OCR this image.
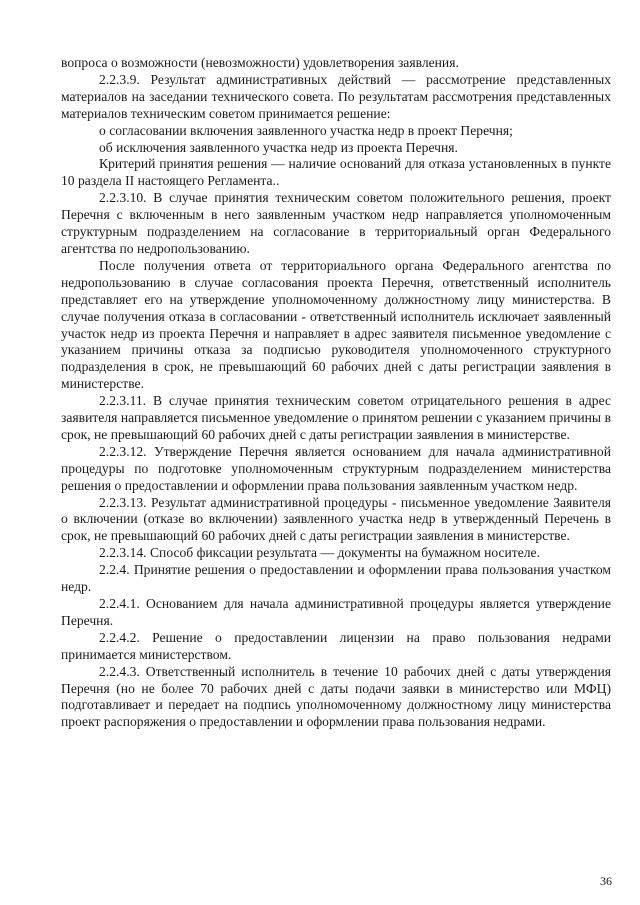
вопроса о возможности (невозможности) удовлетворения заявления.

2.2.3.9. Результат административных действий — рассмотрение представленных материалов на заседании технического совета. По результатам рассмотрения представленных материалов техническим советом принимается решение:

о согласовании включения заявленного участка недр в проект Перечня;

об исключения заявленного участка недр из проекта Перечня.

Критерий принятия решения — наличие оснований для отказа установленных в пункте 10 раздела II настоящего Регламента..

2.2.3.10. В случае принятия техническим советом положительного решения, проект Перечня с включенным в него заявленным участком недр направляется уполномоченным структурным подразделением на согласование в территориальный орган Федерального агентства по недропользованию.

После получения ответа от территориального органа Федерального агентства по недропользованию в случае согласования проекта Перечня, ответственный исполнитель представляет его на утверждение уполномоченному должностному лицу министерства. В случае получения отказа в согласовании - ответственный исполнитель исключает заявленный участок недр из проекта Перечня и направляет в адрес заявителя письменное уведомление с указанием причины отказа за подписью руководителя уполномоченного структурного подразделения в срок, не превышающий 60 рабочих дней с даты регистрации заявления в министерстве.

2.2.3.11. В случае принятия техническим советом отрицательного решения в адрес заявителя направляется письменное уведомление о принятом решении с указанием причины в срок, не превышающий 60 рабочих дней с даты регистрации заявления в министерстве.

2.2.3.12. Утверждение Перечня является основанием для начала административной процедуры по подготовке уполномоченным структурным подразделением министерства решения о предоставлении и оформлении права пользования заявленным участком недр.

2.2.3.13. Результат административной процедуры - письменное уведомление Заявителя о включении (отказе во включении) заявленного участка недр в утвержденный Перечень в срок, не превышающий 60 рабочих дней с даты регистрации заявления в министерстве.

2.2.3.14. Способ фиксации результата — документы на бумажном носителе.

2.2.4. Принятие решения о предоставлении и оформлении права пользования участком недр.

2.2.4.1. Основанием для начала административной процедуры является утверждение Перечня.

2.2.4.2. Решение о предоставлении лицензии на право пользования недрами принимается министерством.

2.2.4.3. Ответственный исполнитель в течение 10 рабочих дней с даты утверждения Перечня (но не более 70 рабочих дней с даты подачи заявки в министерство или МФЦ) подготавливает и передает на подпись уполномоченному должностному лицу министерства проект распоряжения о предоставлении и оформлении права пользования недрами.

36
